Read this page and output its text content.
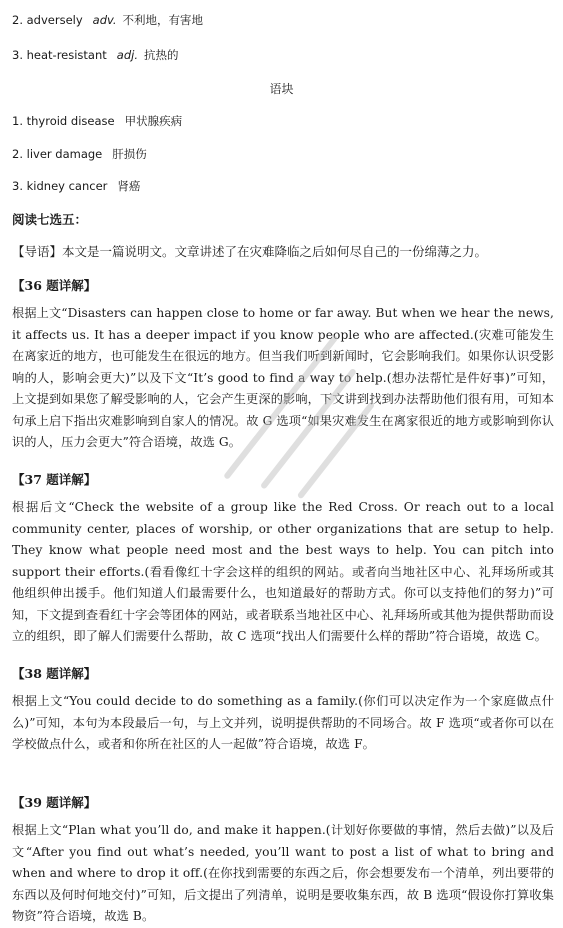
2. adversely adv. 不利地，有害地
3. heat-resistant adj. 抗热的
语块
1. thyroid disease 甲状腺疾病
2. liver damage 肝损伤
3. kidney cancer 肾癌
阅读七选五：
【导语】本文是一篇说明文。文章讲述了在灾难降临之后如何尽自己的一份绵薄之力。
【36 题详解】
根据上文“Disasters can happen close to home or far away. But when we hear the news, it affects us. It has a deeper impact if you know people who are affected.(灾难可能发生在离家近的地方，也可能发生在很远的地方。但当我们听到新闻时，它会影响我们。如果你认识受影响的人，影响会更大)”以及下文“It’s good to find a way to help.(想办法帮忙是件好事)”可知，上文提到如果您了解受影响的人，它会产生更深的影响，下文讲到找到办法帮助他们很有用，可知本句承上启下指出灾难影响到自家人的情况。故 G 选项“如果灾难发生在离家很近的地方或影响到你认识的人，压力会更大”符合语境，故选 G。
【37 题详解】
根据后文“Check the website of a group like the Red Cross. Or reach out to a local community center, places of worship, or other organizations that are setup to help. They know what people need most and the best ways to help. You can pitch into support their efforts.(看看像红十字会这样的组织的网站。或者向当地社区中心、礼拜场所或其他组织伸出援手。他们知道人们最需要什么，也知道最好的帮助方式。你可以支持他们的努力)”可知，下文提到查看红十字会等团体的网站，或者联系当地社区中心、礼拜场所或其他为提供帮助而设立的组织，即了解人们需要什么帮助，故 C 选项“找出人们需要什么样的帮助”符合语境，故选 C。
【38 题详解】
根据上文“You could decide to do something as a family.(你们可以决定作为一个家庭做点什么)”可知，本句为本段最后一句，与上文并列，说明提供帮助的不同场合。故 F 选项“或者你可以在学校做点什么，或者和你所在社区的人一起做”符合语境，故选 F。
【39 题详解】
根据上文“Plan what you’ll do, and make it happen.(计划好你要做的事情，然后去做)”以及后文“After you find out what’s needed, you’ll want to post a list of what to bring and when and where to drop it off.(在你找到需要的东西之后，你会想要发布一个清单，列出要带的东西以及何时何地交付)”可知，后文提出了列清单，说明是要收集东西，故 B 选项“假设你打算收集物资”符合语境，故选 B。
